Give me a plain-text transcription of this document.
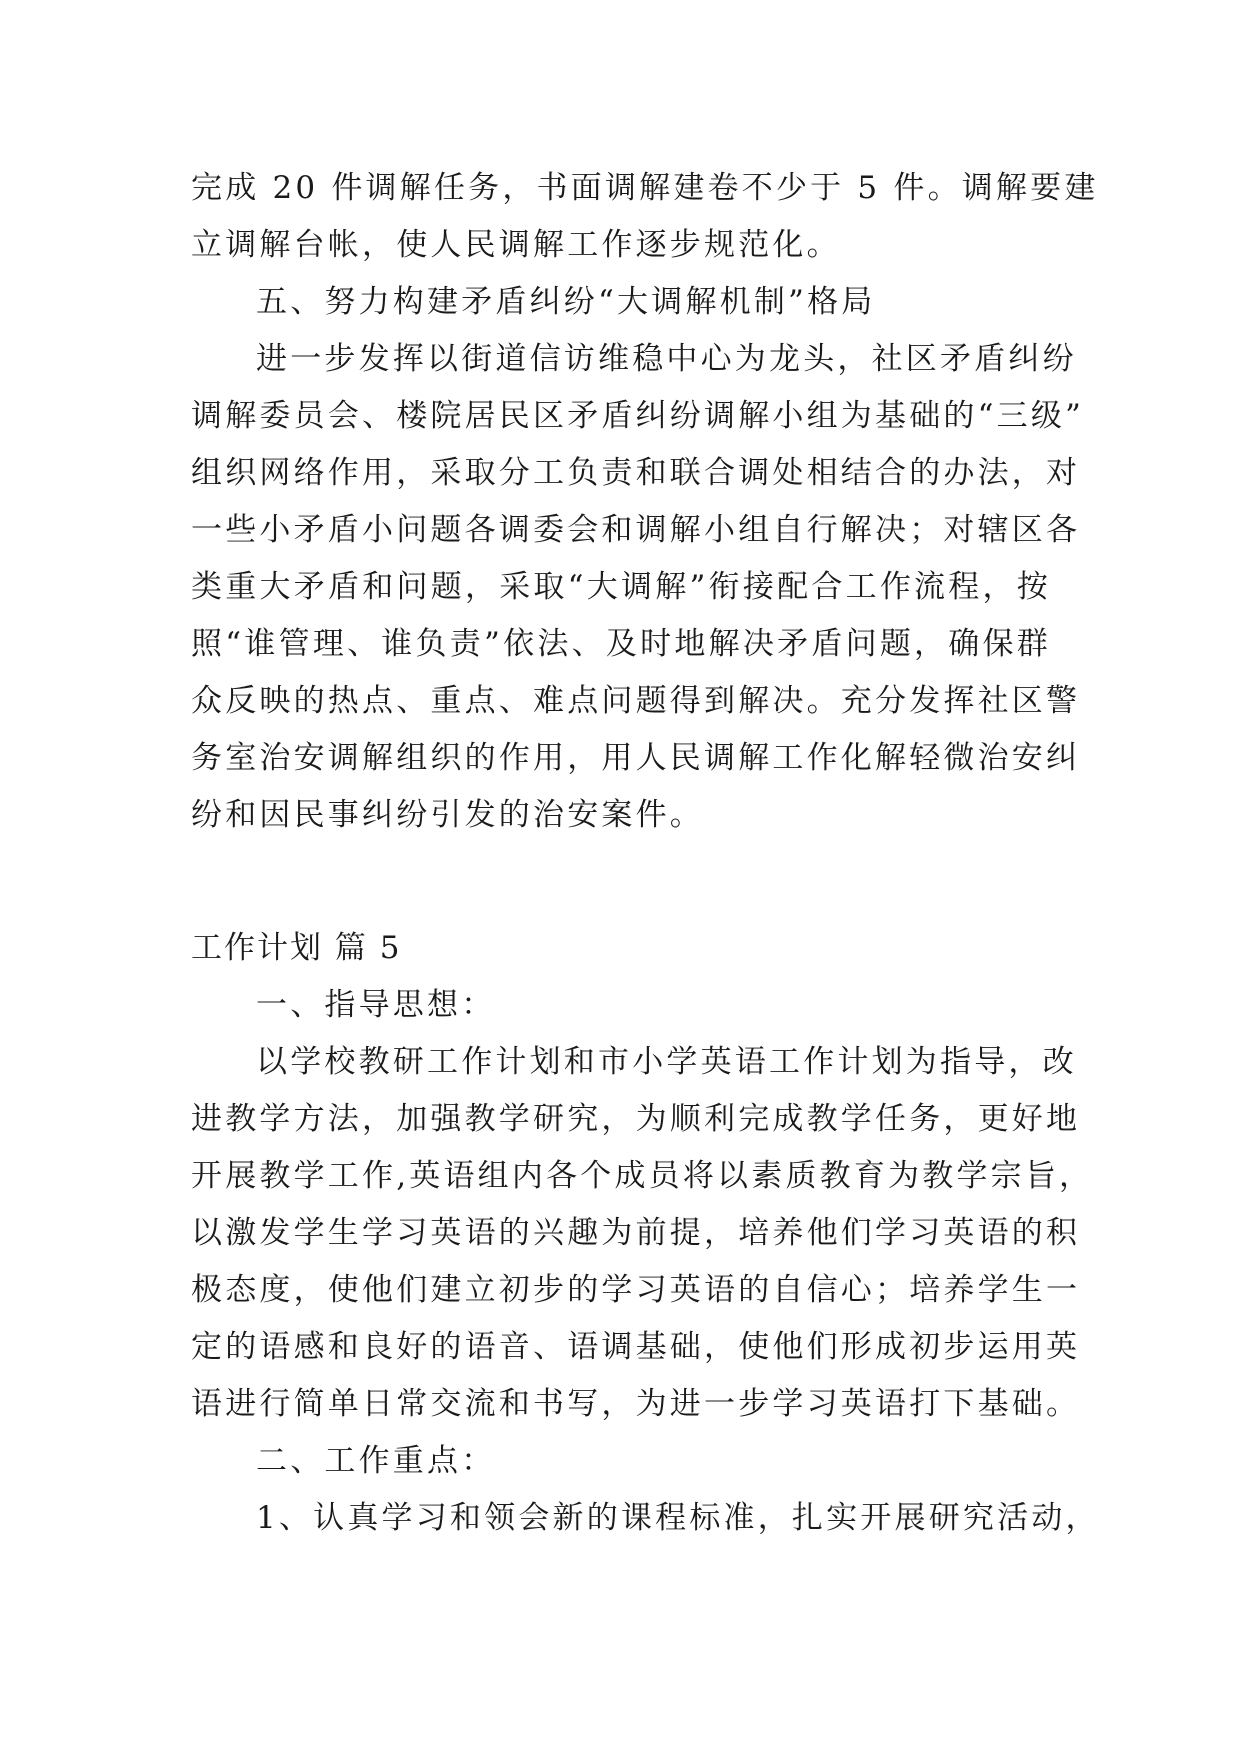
完成 20 件调解任务，书面调解建卷不少于 5 件。调解要建
立调解台帐，使人民调解工作逐步规范化。
五、努力构建矛盾纠纷“大调解机制”格局
进一步发挥以街道信访维稳中心为龙头，社区矛盾纠纷
调解委员会、楼院居民区矛盾纠纷调解小组为基础的“三级”
组织网络作用，采取分工负责和联合调处相结合的办法，对
一些小矛盾小问题各调委会和调解小组自行解决；对辖区各
类重大矛盾和问题，采取“大调解”衔接配合工作流程，按
照“谁管理、谁负责”依法、及时地解决矛盾问题，确保群
众反映的热点、重点、难点问题得到解决。充分发挥社区警
务室治安调解组织的作用，用人民调解工作化解轻微治安纠
纷和因民事纠纷引发的治安案件。
工作计划 篇 5
一、指导思想：
以学校教研工作计划和市小学英语工作计划为指导，改
进教学方法，加强教学研究，为顺利完成教学任务，更好地
开展教学工作,英语组内各个成员将以素质教育为教学宗旨，
以激发学生学习英语的兴趣为前提，培养他们学习英语的积
极态度，使他们建立初步的学习英语的自信心；培养学生一
定的语感和良好的语音、语调基础，使他们形成初步运用英
语进行简单日常交流和书写，为进一步学习英语打下基础。
二、工作重点：
1、认真学习和领会新的课程标准，扎实开展研究活动，
